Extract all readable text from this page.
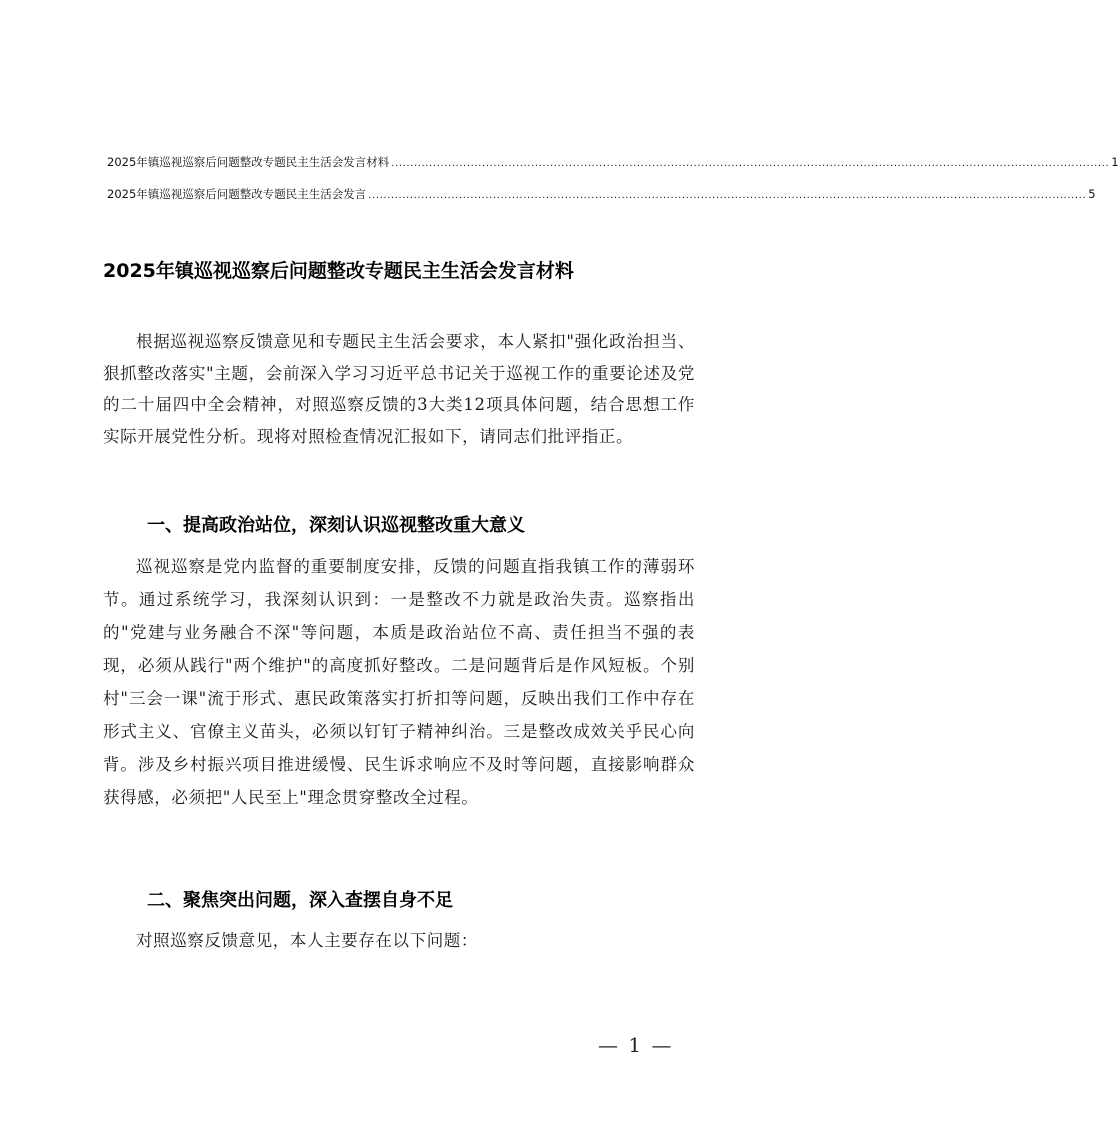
2025年镇巡视巡察后问题整改专题民主生活会发言材料 .............................................................................................................................................................................................. 1
2025年镇巡视巡察后问题整改专题民主生活会发言 .............................................................................................................................................................................................. 5
2025年镇巡视巡察后问题整改专题民主生活会发言材料
根据巡视巡察反馈意见和专题民主生活会要求，本人紧扣"强化政治担当、狠抓整改落实"主题，会前深入学习习近平总书记关于巡视工作的重要论述及党的二十届四中全会精神，对照巡察反馈的3大类12项具体问题，结合思想工作实际开展党性分析。现将对照检查情况汇报如下，请同志们批评指正。
一、提高政治站位，深刻认识巡视整改重大意义
巡视巡察是党内监督的重要制度安排，反馈的问题直指我镇工作的薄弱环节。通过系统学习，我深刻认识到：一是整改不力就是政治失责。巡察指出的"党建与业务融合不深"等问题，本质是政治站位不高、责任担当不强的表现，必须从践行"两个维护"的高度抓好整改。二是问题背后是作风短板。个别村"三会一课"流于形式、惠民政策落实打折扣等问题，反映出我们工作中存在形式主义、官僚主义苗头，必须以钉钉子精神纠治。三是整改成效关乎民心向背。涉及乡村振兴项目推进缓慢、民生诉求响应不及时等问题，直接影响群众获得感，必须把"人民至上"理念贯穿整改全过程。
二、聚焦突出问题，深入查摆自身不足
对照巡察反馈意见，本人主要存在以下问题：
— 1 —
